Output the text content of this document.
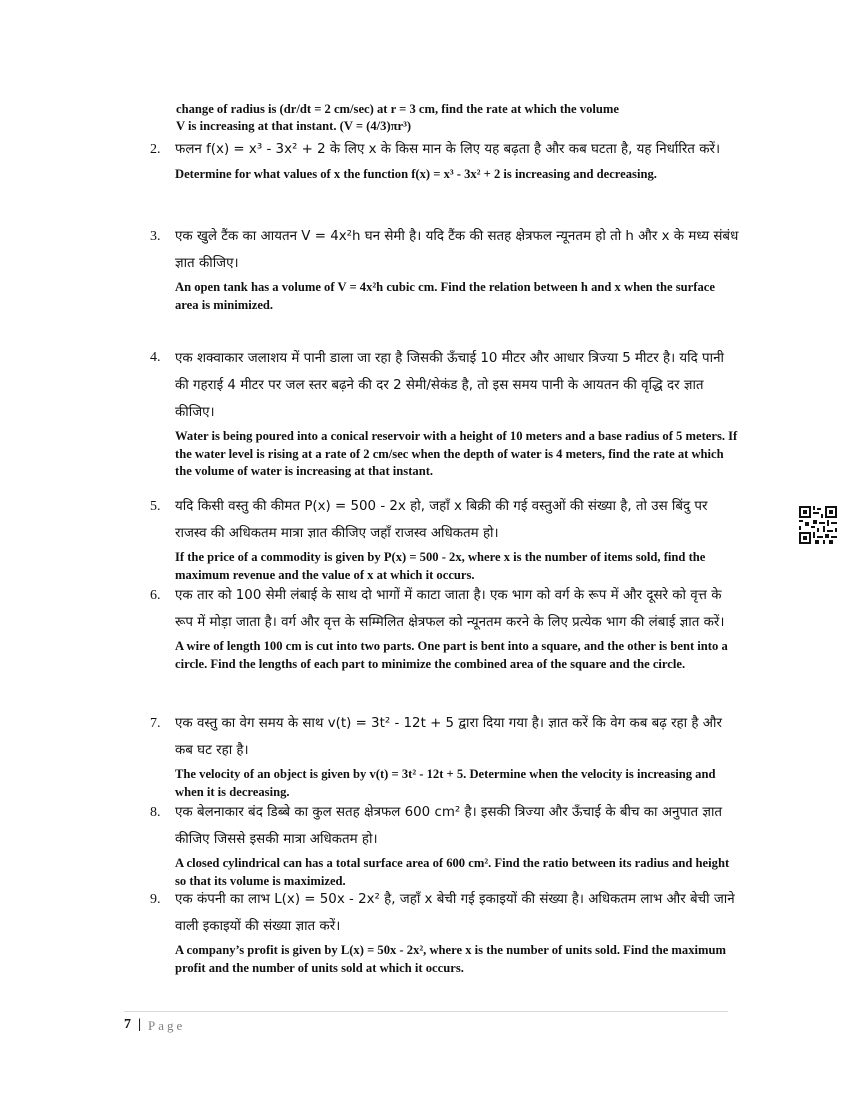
change of radius is (dr/dt = 2 cm/sec) at r = 3 cm, find the rate at which the volume
V is increasing at that instant. (V = (4/3)πr³)
2.	फलन f(x) = x³ - 3x² + 2 के लिए x के किस मान के लिए यह बढ़ता है और कब घटता है, यह निर्धारित करें।
Determine for what values of x the function f(x) = x³ - 3x² + 2 is increasing and decreasing.
3.	एक खुले टैंक का आयतन V = 4x²h घन सेमी है। यदि टैंक की सतह क्षेत्रफल न्यूनतम हो तो h और x के मध्य संबंध ज्ञात कीजिए।
An open tank has a volume of V = 4x²h cubic cm. Find the relation between h and x when the surface area is minimized.
4.	एक शक्वाकार जलाशय में पानी डाला जा रहा है जिसकी ऊँचाई 10 मीटर और आधार त्रिज्या 5 मीटर है। यदि पानी की गहराई 4 मीटर पर जल स्तर बढ़ने की दर 2 सेमी/सेकंड है, तो इस समय पानी के आयतन की वृद्धि दर ज्ञात कीजिए।
Water is being poured into a conical reservoir with a height of 10 meters and a base radius of 5 meters. If the water level is rising at a rate of 2 cm/sec when the depth of water is 4 meters, find the rate at which the volume of water is increasing at that instant.
5.	यदि किसी वस्तु की कीमत P(x) = 500 - 2x हो, जहाँ x बिक्री की गई वस्तुओं की संख्या है, तो उस बिंदु पर राजस्व की अधिकतम मात्रा ज्ञात कीजिए जहाँ राजस्व अधिकतम हो।
If the price of a commodity is given by P(x) = 500 - 2x, where x is the number of items sold, find the maximum revenue and the value of x at which it occurs.
6.	एक तार को 100 सेमी लंबाई के साथ दो भागों में काटा जाता है। एक भाग को वर्ग के रूप में और दूसरे को वृत्त के रूप में मोड़ा जाता है। वर्ग और वृत्त के सम्मिलित क्षेत्रफल को न्यूनतम करने के लिए प्रत्येक भाग की लंबाई ज्ञात करें।
A wire of length 100 cm is cut into two parts. One part is bent into a square, and the other is bent into a circle. Find the lengths of each part to minimize the combined area of the square and the circle.
7.	एक वस्तु का वेग समय के साथ v(t) = 3t² - 12t + 5 द्वारा दिया गया है। ज्ञात करें कि वेग कब बढ़ रहा है और कब घट रहा है।
The velocity of an object is given by v(t) = 3t² - 12t + 5. Determine when the velocity is increasing and when it is decreasing.
8.	एक बेलनाकार बंद डिब्बे का कुल सतह क्षेत्रफल 600 cm² है। इसकी त्रिज्या और ऊँचाई के बीच का अनुपात ज्ञात कीजिए जिससे इसकी मात्रा अधिकतम हो।
A closed cylindrical can has a total surface area of 600 cm². Find the ratio between its radius and height so that its volume is maximized.
9.	एक कंपनी का लाभ L(x) = 50x - 2x² है, जहाँ x बेची गई इकाइयों की संख्या है। अधिकतम लाभ और बेची जाने वाली इकाइयों की संख्या ज्ञात करें।
A company’s profit is given by L(x) = 50x - 2x², where x is the number of units sold. Find the maximum profit and the number of units sold at which it occurs.
7 | Page
